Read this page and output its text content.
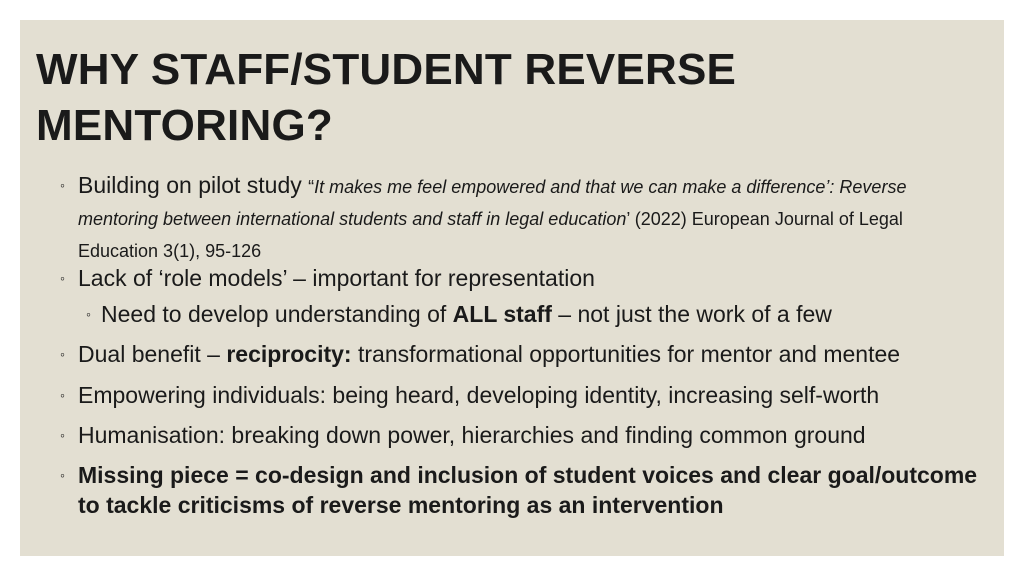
WHY STAFF/STUDENT REVERSE
MENTORING?
◦ Building on pilot study “It makes me feel empowered and that we can make a difference’: Reverse mentoring between international students and staff in legal education’ (2022) European Journal of Legal Education 3(1), 95-126
◦ Lack of ‘role models’ – important for representation
◦ Need to develop understanding of ALL staff – not just the work of a few
◦ Dual benefit – reciprocity: transformational opportunities for mentor and mentee
◦ Empowering individuals: being heard, developing identity, increasing self-worth
◦ Humanisation: breaking down power, hierarchies and finding common ground
◦ Missing piece = co-design and inclusion of student voices and clear goal/outcome to tackle criticisms of reverse mentoring as an intervention
